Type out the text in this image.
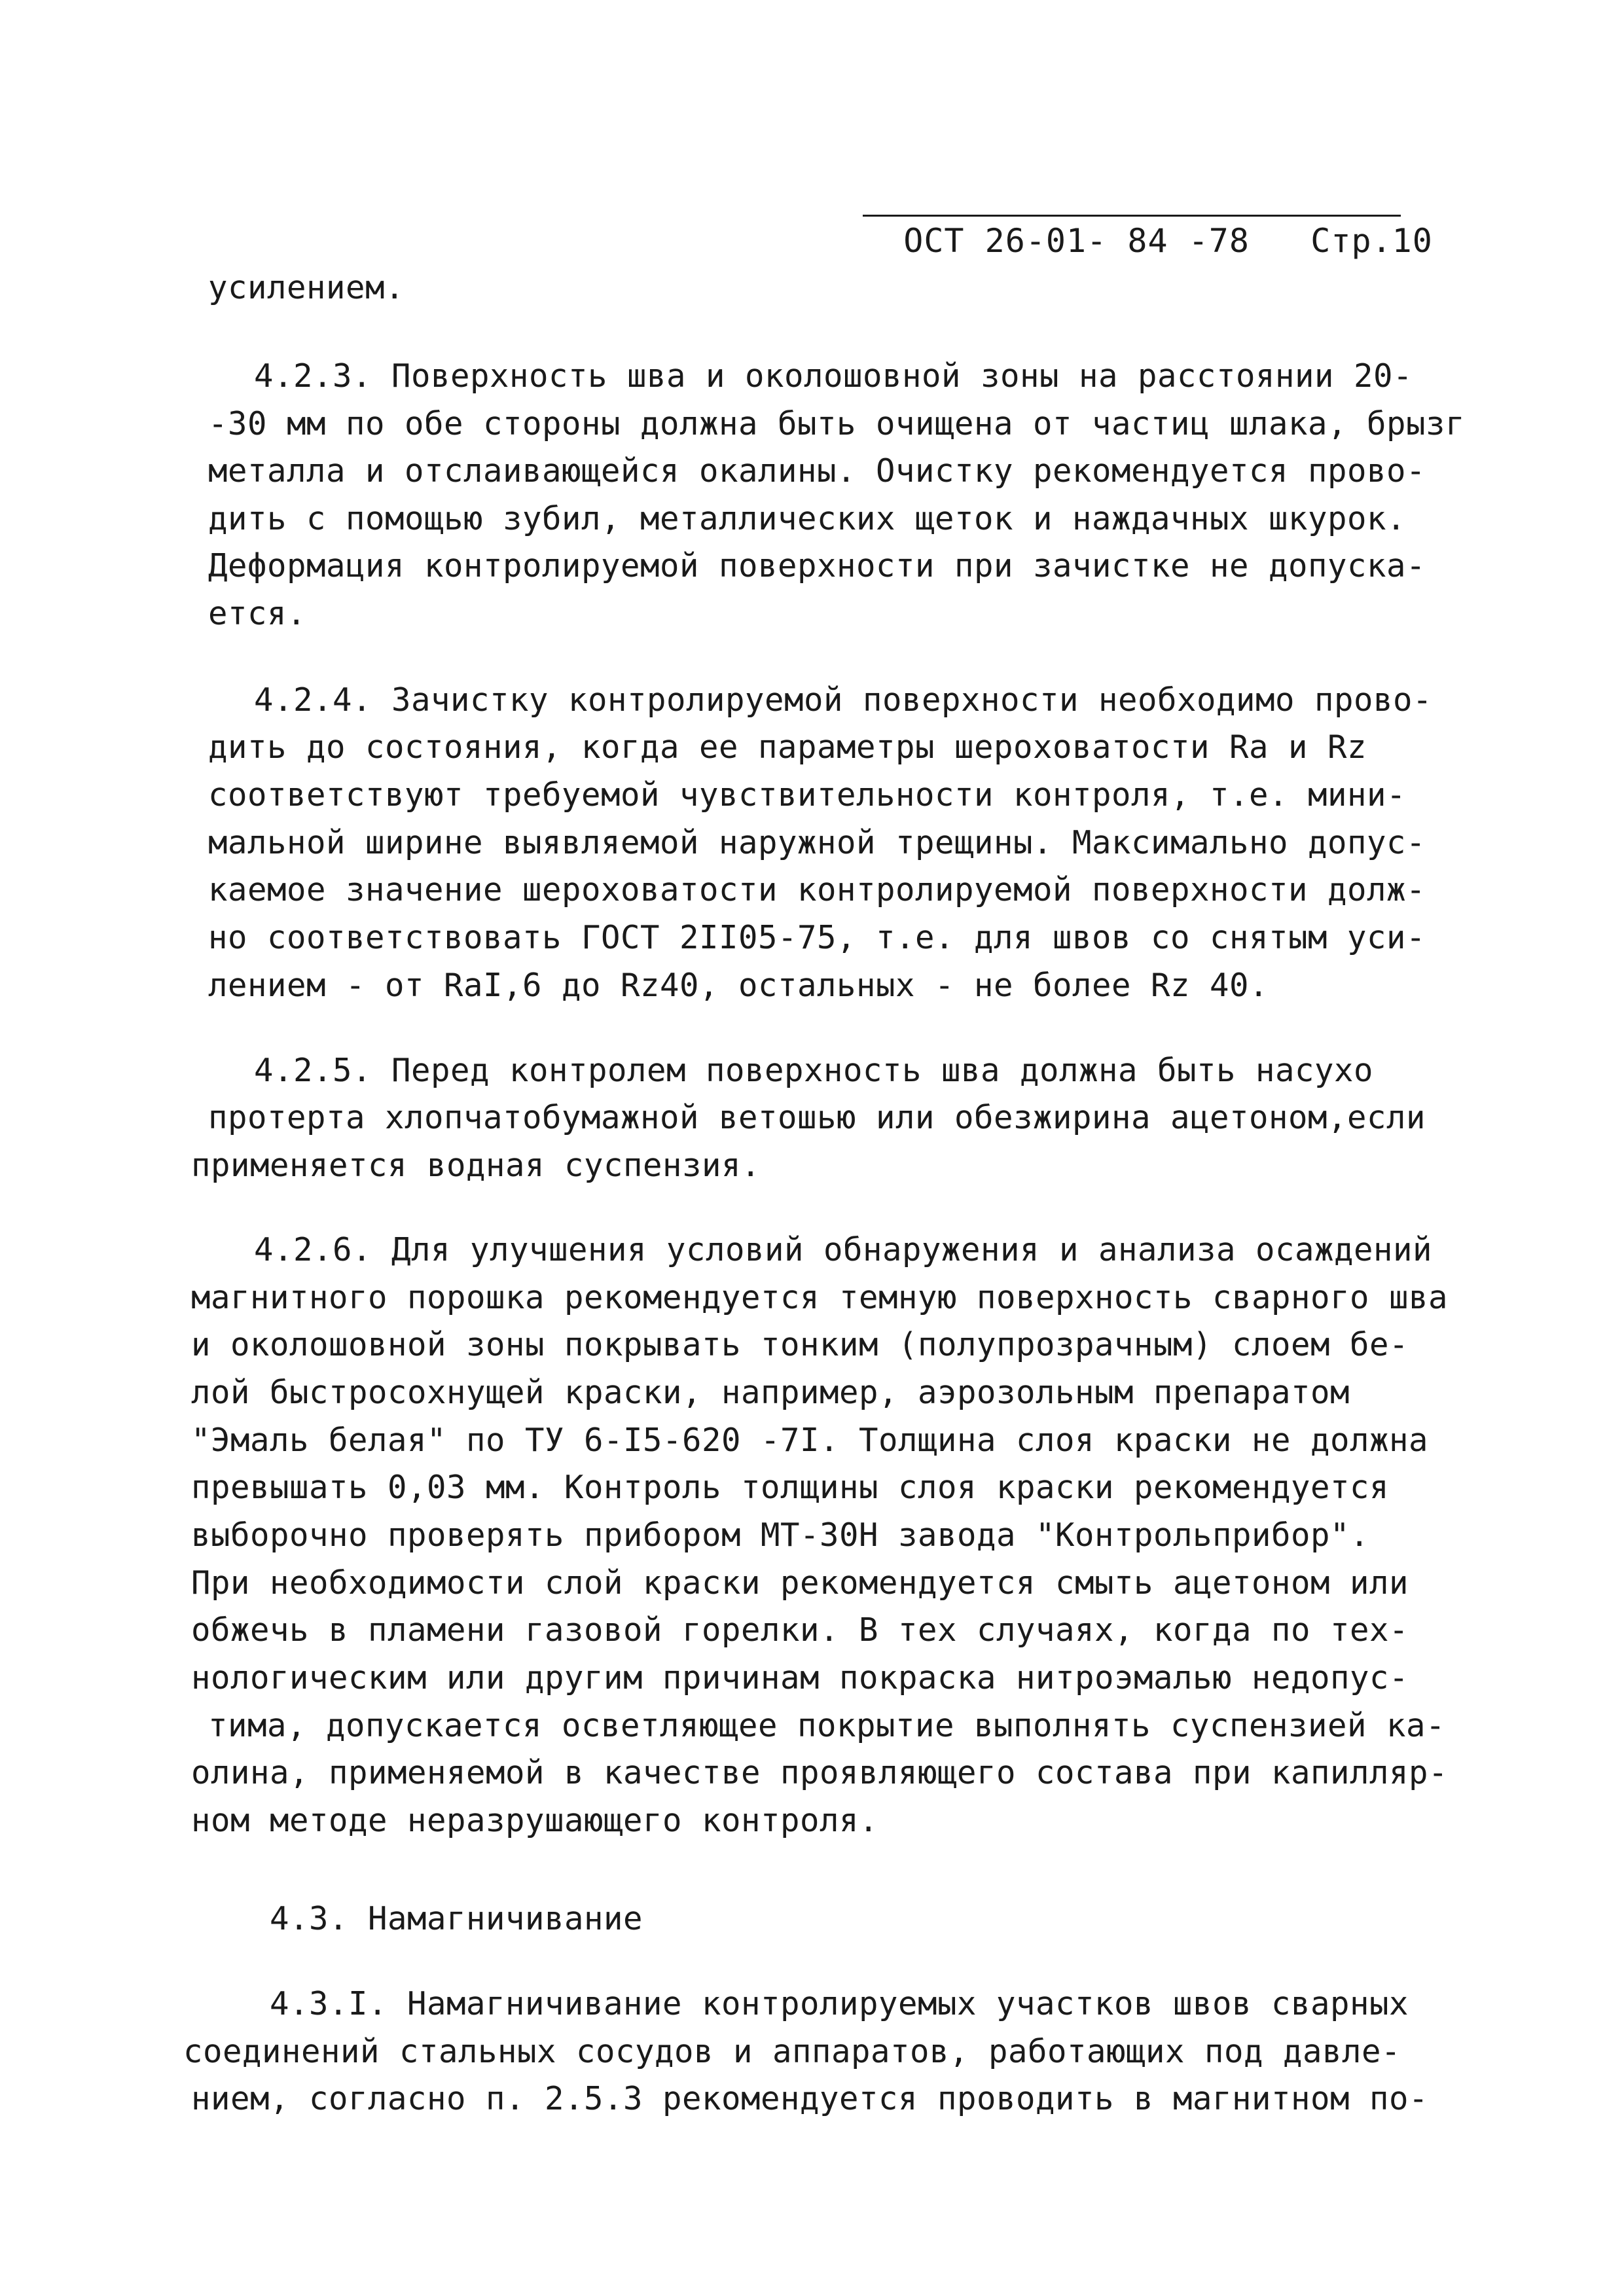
ОСТ 26-01- 84 -78   Стр.10

усилением.
4.2.3. Поверхность шва и околошовной зоны на расстоянии 20-
-30 мм по обе стороны должна быть очищена от частиц шлака, брызг
металла и отслаивающейся окалины. Очистку рекомендуется прово-
дить с помощью зубил, металлических щеток и наждачных шкурок.
Деформация контролируемой поверхности при зачистке не допуска-
ется.
4.2.4. Зачистку контролируемой поверхности необходимо прово-
дить до состояния, когда ее параметры шероховатости Ra и Rz
соответствуют требуемой чувствительности контроля, т.е. мини-
мальной ширине выявляемой наружной трещины. Максимально допус-
каемое значение шероховатости контролируемой поверхности долж-
но соответствовать ГОСТ 2II05-75, т.е. для швов со снятым уси-
лением - от RaI,6 до Rz40, остальных - не более Rz 40.
4.2.5. Перед контролем поверхность шва должна быть насухо
протерта хлопчатобумажной ветошью или обезжирина ацетоном,если
применяется водная суспензия.
4.2.6. Для улучшения условий обнаружения и анализа осаждений
магнитного порошка рекомендуется темную поверхность сварного шва
и околошовной зоны покрывать тонким (полупрозрачным) слоем бе-
лой быстросохнущей краски, например, аэрозольным препаратом
"Эмаль белая" по ТУ 6-I5-620 -7I. Толщина слоя краски не должна
превышать 0,03 мм. Контроль толщины слоя краски рекомендуется
выборочно проверять прибором МТ-30Н завода "Контрольприбор".
При необходимости слой краски рекомендуется смыть ацетоном или
обжечь в пламени газовой горелки. В тех случаях, когда по тех-
нологическим или другим причинам покраска нитроэмалью недопус-
тима, допускается осветляющее покрытие выполнять суспензией ка-
олина, применяемой в качестве проявляющего состава при капилляр-
ном методе неразрушающего контроля.
4.3. Намагничивание
4.3.I. Намагничивание контролируемых участков швов сварных
соединений стальных сосудов и аппаратов, работающих под давле-
нием, согласно п. 2.5.3 рекомендуется проводить в магнитном по-
